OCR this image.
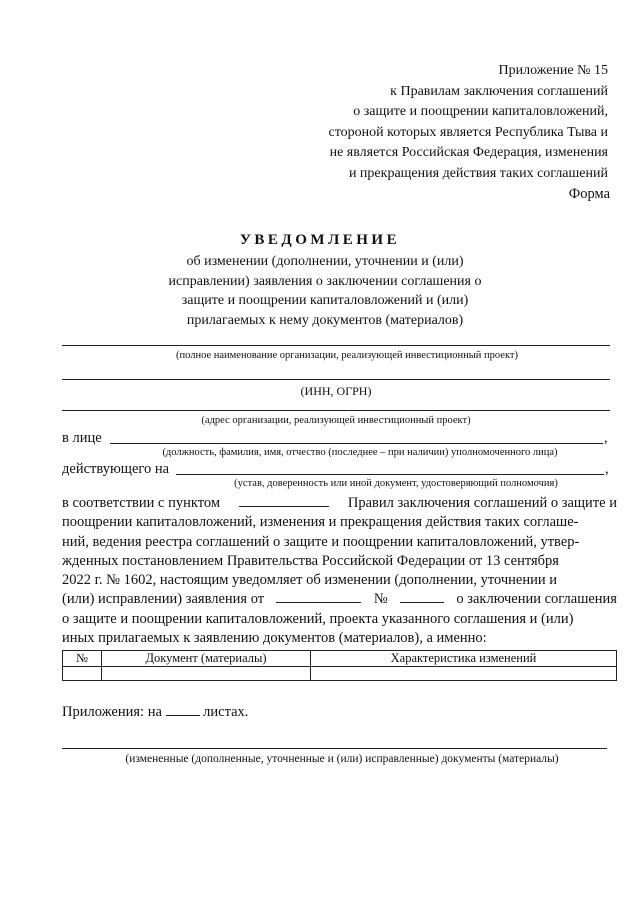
Приложение № 15
к Правилам заключения соглашений
о защите и поощрении капиталовложений,
стороной которых является Республика Тыва и
не является Российская Федерация, изменения
и прекращения действия таких соглашений
Форма
УВЕДОМЛЕНИЕ
об изменении (дополнении, уточнении и (или)
исправлении) заявления о заключении соглашения о
защите и поощрении капиталовложений и (или)
прилагаемых к нему документов (материалов)
(полное наименование организации, реализующей инвестиционный проект)
(ИНН, ОГРН)
(адрес организации, реализующей инвестиционный проект)
в лице	,
(должность, фамилия, имя, отчество (последнее – при наличии) уполномоченного лица)
действующего на	,
(устав, доверенность или иной документ, удостоверяющий полномочия)
в соответствии с пунктом	Правил заключения соглашений о защите и
поощрении капиталовложений, изменения и прекращения действия таких соглаше-
ний, ведения реестра соглашений о защите и поощрении капиталовложений, утвер-
жденных постановлением Правительства Российской Федерации от 13 сентября
2022 г. № 1602, настоящим уведомляет об изменении (дополнении, уточнении и
(или) исправлении) заявления от	№	о заключении соглашения
о защите и поощрении капиталовложений, проекта указанного соглашения и (или)
иных прилагаемых к заявлению документов (материалов), а именно:
№	Документ (материалы)	Характеристика изменений

Приложения: на	листах.
(измененные (дополненные, уточненные и (или) исправленные) документы (материалы)
